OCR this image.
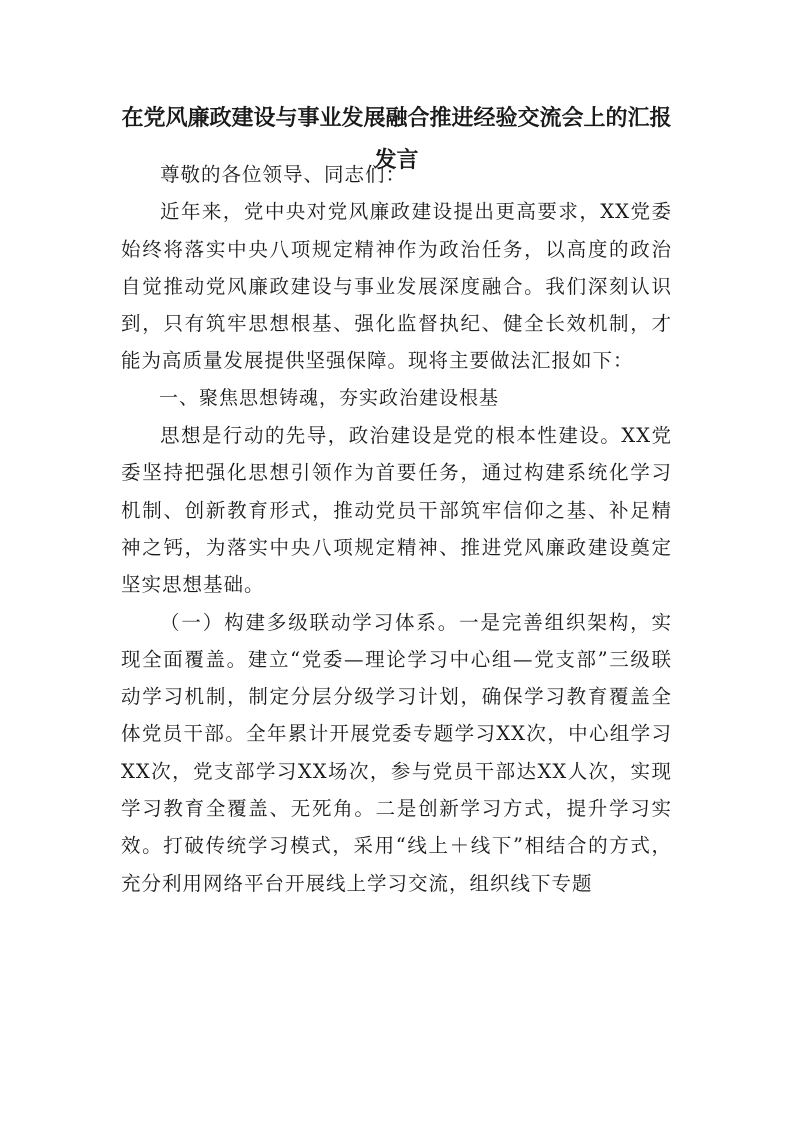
在党风廉政建设与事业发展融合推进经验交流会上的汇报发言

尊敬的各位领导、同志们：

近年来，党中央对党风廉政建设提出更高要求，XX党委始终将落实中央八项规定精神作为政治任务，以高度的政治自觉推动党风廉政建设与事业发展深度融合。我们深刻认识到，只有筑牢思想根基、强化监督执纪、健全长效机制，才能为高质量发展提供坚强保障。现将主要做法汇报如下：

一、聚焦思想铸魂，夯实政治建设根基

思想是行动的先导，政治建设是党的根本性建设。XX党委坚持把强化思想引领作为首要任务，通过构建系统化学习机制、创新教育形式，推动党员干部筑牢信仰之基、补足精神之钙，为落实中央八项规定精神、推进党风廉政建设奠定坚实思想基础。

（一）构建多级联动学习体系。一是完善组织架构，实现全面覆盖。建立“党委—理论学习中心组—党支部”三级联动学习机制，制定分层分级学习计划，确保学习教育覆盖全体党员干部。全年累计开展党委专题学习XX次，中心组学习XX次，党支部学习XX场次，参与党员干部达XX人次，实现学习教育全覆盖、无死角。二是创新学习方式，提升学习实效。打破传统学习模式，采用“线上＋线下”相结合的方式，充分利用网络平台开展线上学习交流，组织线下专题
